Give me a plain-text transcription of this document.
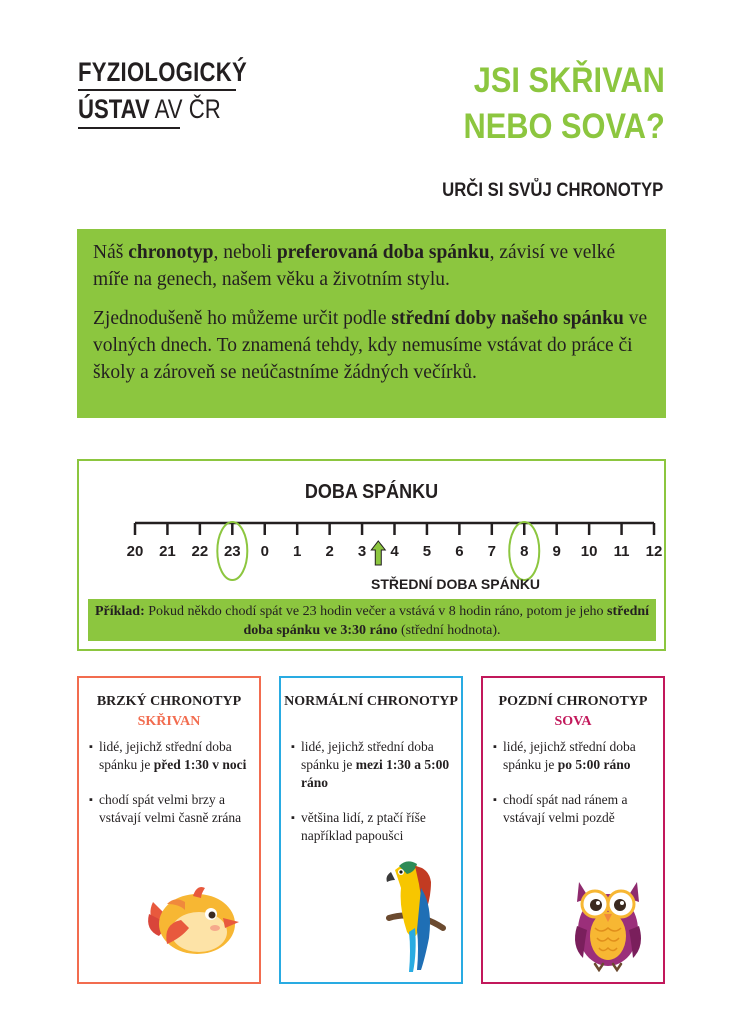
FYZIOLOGICKÝ
ÚSTAV AV ČR
JSI SKŘIVAN
NEBO SOVA?
URČI SI SVŮJ CHRONOTYP

Náš chronotyp, neboli preferovaná doba spánku, závisí ve velké míře na genech, našem věku a životním stylu.

Zjednodušeně ho můžeme určit podle střední doby našeho spánku ve volných dnech. To znamená tehdy, kdy nemusíme vstávat do práce či školy a zároveň se neúčastníme žádných večírků.

DOBA SPÁNKU
20	21	22	23	0	1	2	3	4	5	6	7	8	9	10	11	12
STŘEDNÍ DOBA SPÁNKU
Příklad: Pokud někdo chodí spát ve 23 hodin večer a vstává v 8 hodin ráno, potom je jeho střední doba spánku ve 3:30 ráno (střední hodnota).
BRZKÝ CHRONOTYP
SKŘIVAN
▪ lidé, jejichž střední doba spánku je před 1:30 v noci
▪ chodí spát velmi brzy a vstávají velmi časně zrána
NORMÁLNÍ CHRONOTYP
▪ lidé, jejichž střední doba spánku je mezi 1:30 a 5:00 ráno
▪ většina lidí, z ptačí říše například papoušci
POZDNÍ CHRONOTYP
SOVA
▪ lidé, jejichž střední doba spánku je po 5:00 ráno
▪ chodí spát nad ránem a vstávají velmi pozdě
